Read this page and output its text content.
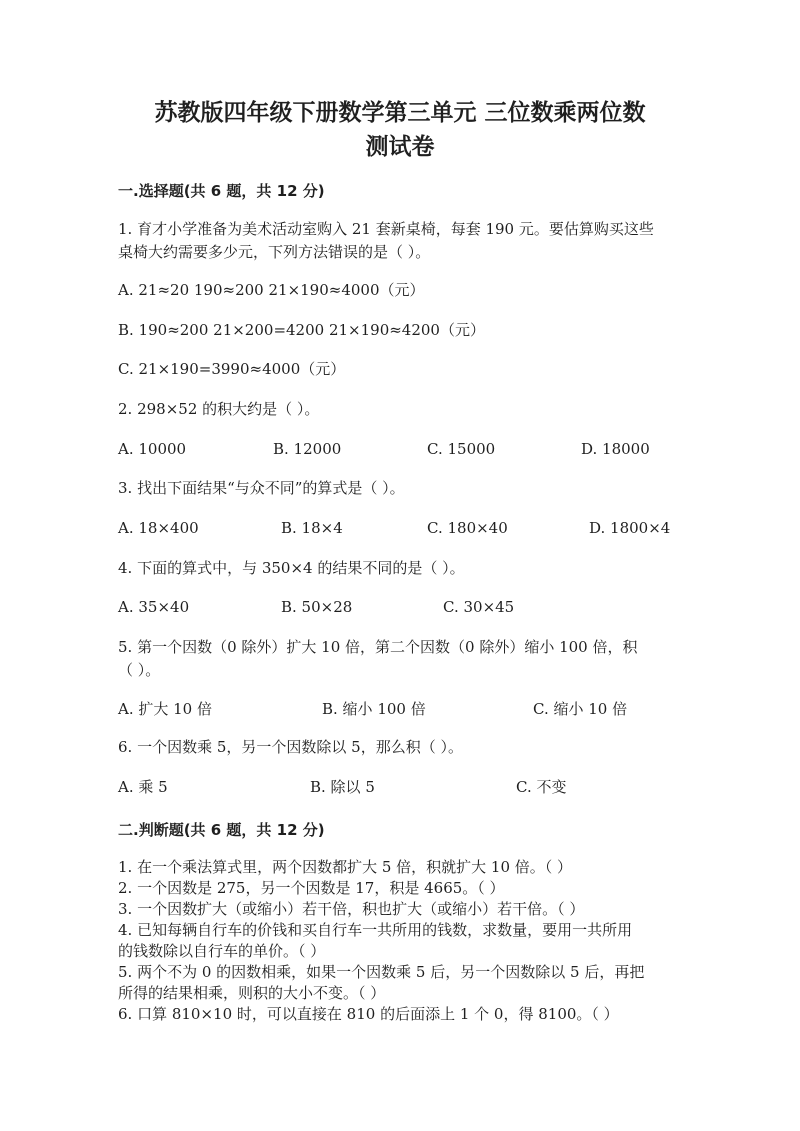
苏教版四年级下册数学第三单元 三位数乘两位数
测试卷
一.选择题(共 6 题，共 12 分)
1. 育才小学准备为美术活动室购入 21 套新桌椅，每套 190 元。要估算购买这些
桌椅大约需要多少元，下列方法错误的是（ ）。
A. 21≈20 190≈200 21×190≈4000（元）
B. 190≈200 21×200=4200 21×190≈4200（元）
C. 21×190=3990≈4000（元）
2. 298×52 的积大约是（ ）。
A. 10000	B. 12000	C. 15000	D. 18000
3. 找出下面结果“与众不同”的算式是（ ）。
A. 18×400	B. 18×4	C. 180×40	D. 1800×4
4. 下面的算式中，与 350×4 的结果不同的是（ ）。
A. 35×40	B. 50×28	C. 30×45
5. 第一个因数（0 除外）扩大 10 倍，第二个因数（0 除外）缩小 100 倍，积
（ ）。
A. 扩大 10 倍	B. 缩小 100 倍	C. 缩小 10 倍
6. 一个因数乘 5，另一个因数除以 5，那么积（ ）。
A. 乘 5	B. 除以 5	C. 不变
二.判断题(共 6 题，共 12 分)
1. 在一个乘法算式里，两个因数都扩大 5 倍，积就扩大 10 倍。（ ）
2. 一个因数是 275，另一个因数是 17，积是 4665。（ ）
3. 一个因数扩大（或缩小）若干倍，积也扩大（或缩小）若干倍。（ ）
4. 已知每辆自行车的价钱和买自行车一共所用的钱数，求数量，要用一共所用
的钱数除以自行车的单价。（ ）
5. 两个不为 0 的因数相乘，如果一个因数乘 5 后，另一个因数除以 5 后，再把
所得的结果相乘，则积的大小不变。（ ）
6. 口算 810×10 时，可以直接在 810 的后面添上 1 个 0，得 8100。（ ）
